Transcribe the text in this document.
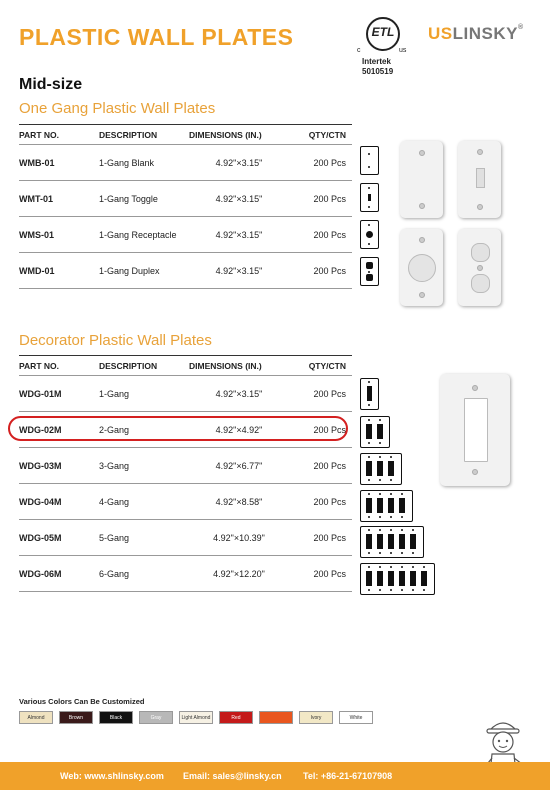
PLASTIC WALL PLATES	ETL
c	us
Intertek
5010519
USLINSKY®
Mid-size
One Gang Plastic Wall Plates
PART NO.	DESCRIPTION	DIMENSIONS (IN.)	QTY/CTN
WMB-01	1-Gang Blank	4.92"×3.15"	200 Pcs
WMT-01	1-Gang Toggle	4.92"×3.15"	200 Pcs
WMS-01	1-Gang Receptacle	4.92"×3.15"	200 Pcs
WMD-01	1-Gang Duplex	4.92"×3.15"	200 Pcs
Decorator Plastic Wall Plates
PART NO.	DESCRIPTION	DIMENSIONS (IN.)	QTY/CTN
WDG-01M	1-Gang	4.92"×3.15"	200 Pcs
WDG-02M	2-Gang	4.92"×4.92"	200 Pcs
WDG-03M	3-Gang	4.92"×6.77"	200 Pcs
WDG-04M	4-Gang	4.92"×8.58"	200 Pcs
WDG-05M	5-Gang	4.92"×10.39"	200 Pcs
WDG-06M	6-Gang	4.92"×12.20"	200 Pcs
Various Colors Can Be Customized
Almond	Brown	Black	Gray	Light Almond	Red	Ivory	White
Web: www.shlinsky.com Email: sales@linsky.cn Tel: +86-21-67107908
